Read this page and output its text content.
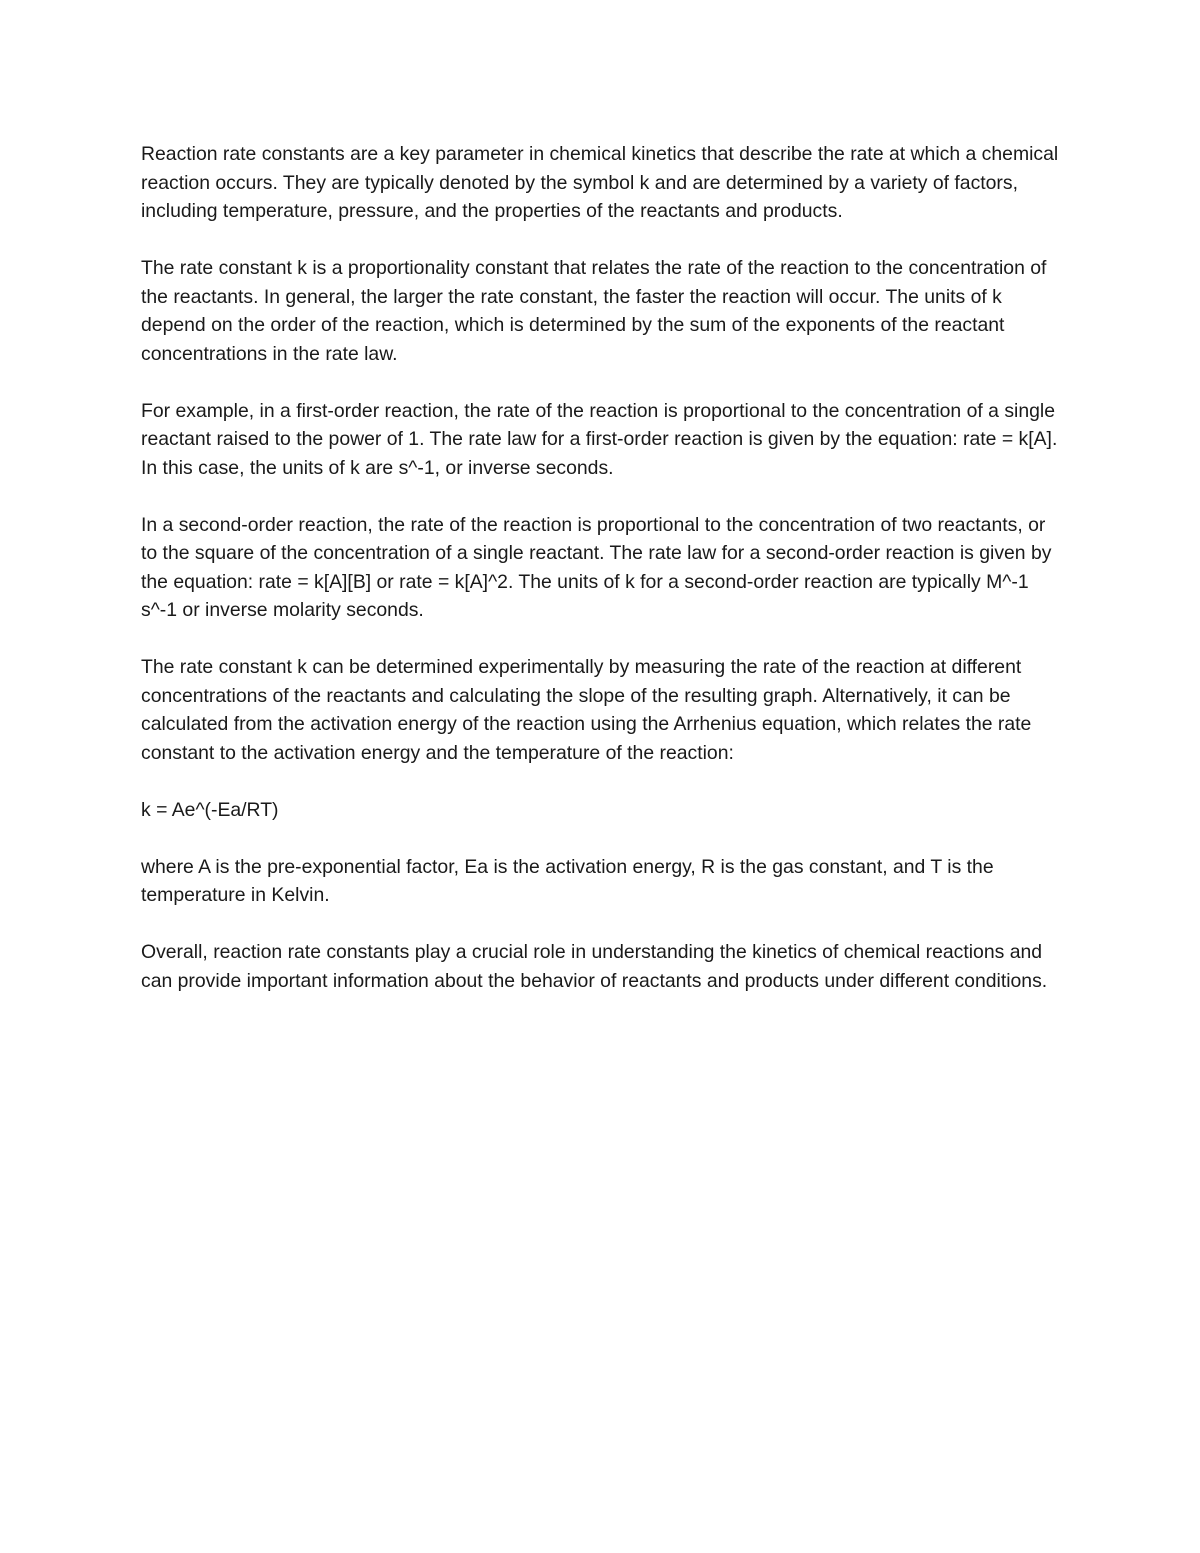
Reaction rate constants are a key parameter in chemical kinetics that describe the rate at which a chemical reaction occurs. They are typically denoted by the symbol k and are determined by a variety of factors, including temperature, pressure, and the properties of the reactants and products.

The rate constant k is a proportionality constant that relates the rate of the reaction to the concentration of the reactants. In general, the larger the rate constant, the faster the reaction will occur. The units of k depend on the order of the reaction, which is determined by the sum of the exponents of the reactant concentrations in the rate law.

For example, in a first-order reaction, the rate of the reaction is proportional to the concentration of a single reactant raised to the power of 1. The rate law for a first-order reaction is given by the equation: rate = k[A]. In this case, the units of k are s^-1, or inverse seconds.

In a second-order reaction, the rate of the reaction is proportional to the concentration of two reactants, or to the square of the concentration of a single reactant. The rate law for a second-order reaction is given by the equation: rate = k[A][B] or rate = k[A]^2. The units of k for a second-order reaction are typically M^-1 s^-1 or inverse molarity seconds.

The rate constant k can be determined experimentally by measuring the rate of the reaction at different concentrations of the reactants and calculating the slope of the resulting graph. Alternatively, it can be calculated from the activation energy of the reaction using the Arrhenius equation, which relates the rate constant to the activation energy and the temperature of the reaction:

k = Ae^(-Ea/RT)

where A is the pre-exponential factor, Ea is the activation energy, R is the gas constant, and T is the temperature in Kelvin.

Overall, reaction rate constants play a crucial role in understanding the kinetics of chemical reactions and can provide important information about the behavior of reactants and products under different conditions.
